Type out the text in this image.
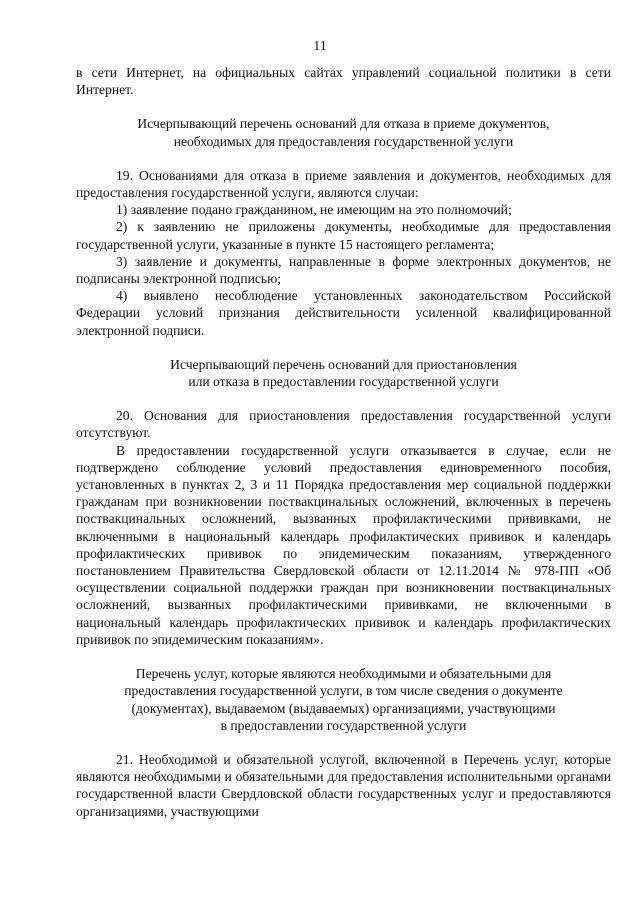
11

в сети Интернет, на официальных сайтах управлений социальной политики в сети Интернет.

Исчерпывающий перечень оснований для отказа в приеме документов,

необходимых для предоставления государственной услуги

19. Основаниями для отказа в приеме заявления и документов, необходимых для предоставления государственной услуги, являются случаи:

1) заявление подано гражданином, не имеющим на это полномочий;

2) к заявлению не приложены документы, необходимые для предоставления государственной услуги, указанные в пункте 15 настоящего регламента;

3) заявление и документы, направленные в форме электронных документов, не подписаны электронной подписью;

4) выявлено несоблюдение установленных законодательством Российской Федерации условий признания действительности усиленной квалифицированной электронной подписи.

Исчерпывающий перечень оснований для приостановления

или отказа в предоставлении государственной услуги

20. Основания для приостановления предоставления государственной услуги отсутствуют.

В предоставлении государственной услуги отказывается в случае, если не подтверждено соблюдение условий предоставления единовременного пособия, установленных в пунктах 2, 3 и 11 Порядка предоставления мер социальной поддержки гражданам при возникновении поствакцинальных осложнений, включенных в перечень поствакцинальных осложнений, вызванных профилактическими прививками, не включенными в национальный календарь профилактических прививок и календарь профилактических прививок по эпидемическим показаниям, утвержденного постановлением Правительства Свердловской области от 12.11.2014 № 978-ПП «Об осуществлении социальной поддержки граждан при возникновении поствакцинальных осложнений, вызванных профилактическими прививками, не включенными в национальный календарь профилактических прививок и календарь профилактических прививок по эпидемическим показаниям».

Перечень услуг, которые являются необходимыми и обязательными для

предоставления государственной услуги, в том числе сведения о документе

(документах), выдаваемом (выдаваемых) организациями, участвующими

в предоставлении государственной услуги

21. Необходимой и обязательной услугой, включенной в Перечень услуг, которые являются необходимыми и обязательными для предоставления исполнительными органами государственной власти Свердловской области государственных услуг и предоставляются организациями, участвующими
